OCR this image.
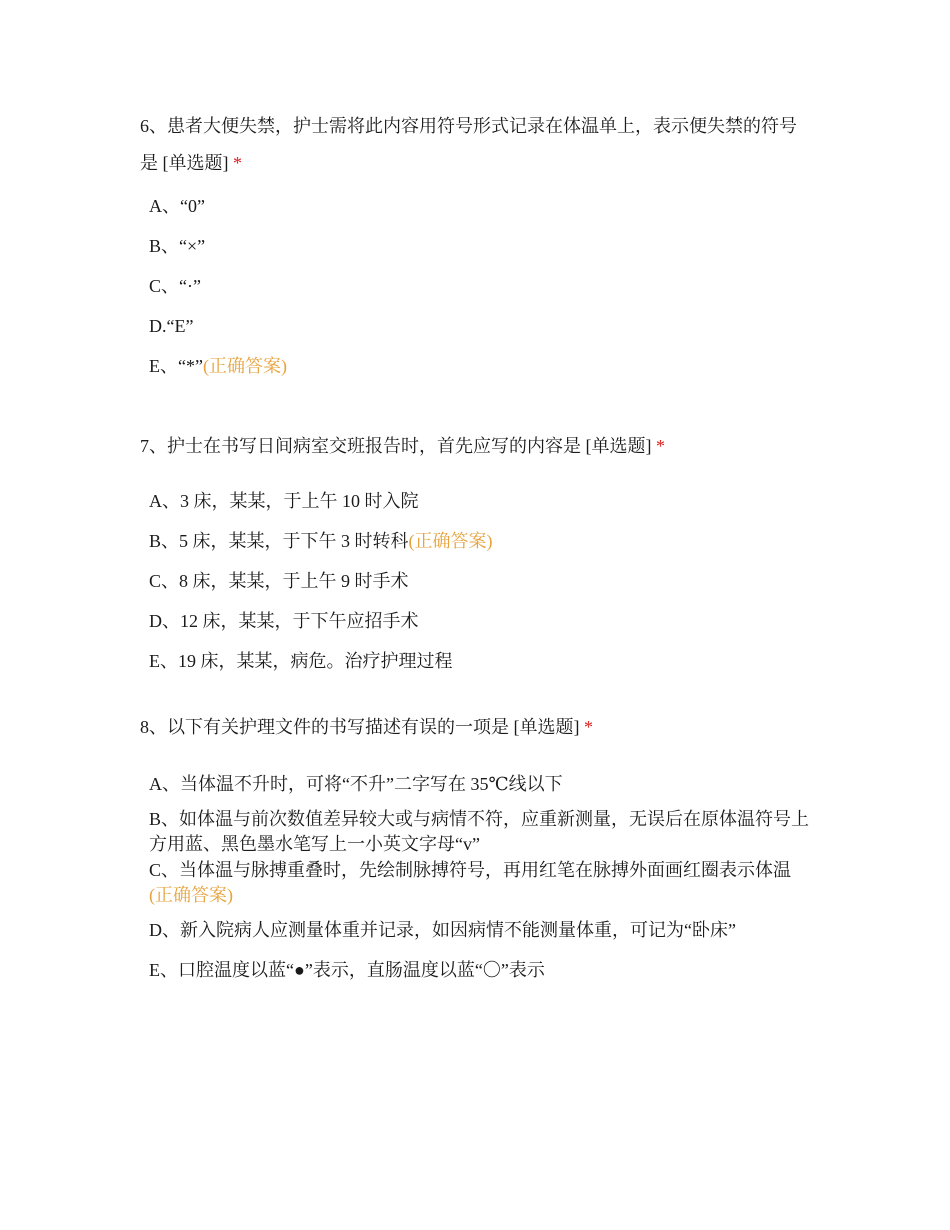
6、患者大便失禁，护士需将此内容用符号形式记录在体温单上，表示便失禁的符号是 [单选题] *

A、“0”
B、“×”
C、“·”
D.“E”
E、“*”(正确答案)

7、护士在书写日间病室交班报告时，首先应写的内容是 [单选题] *

A、3 床，某某，于上午 10 时入院
B、5 床，某某，于下午 3 时转科(正确答案)
C、8 床，某某，于上午 9 时手术
D、12 床，某某，于下午应招手术
E、19 床，某某，病危。治疗护理过程

8、以下有关护理文件的书写描述有误的一项是 [单选题] *

A、当体温不升时，可将“不升”二字写在 35℃线以下
B、如体温与前次数值差异较大或与病情不符，应重新测量，无误后在原体温符号上方用蓝、黑色墨水笔写上一小英文字母“v”
C、当体温与脉搏重叠时，先绘制脉搏符号，再用红笔在脉搏外面画红圈表示体温(正确答案)
D、新入院病人应测量体重并记录，如因病情不能测量体重，可记为“卧床”
E、口腔温度以蓝“●”表示，直肠温度以蓝“〇”表示
